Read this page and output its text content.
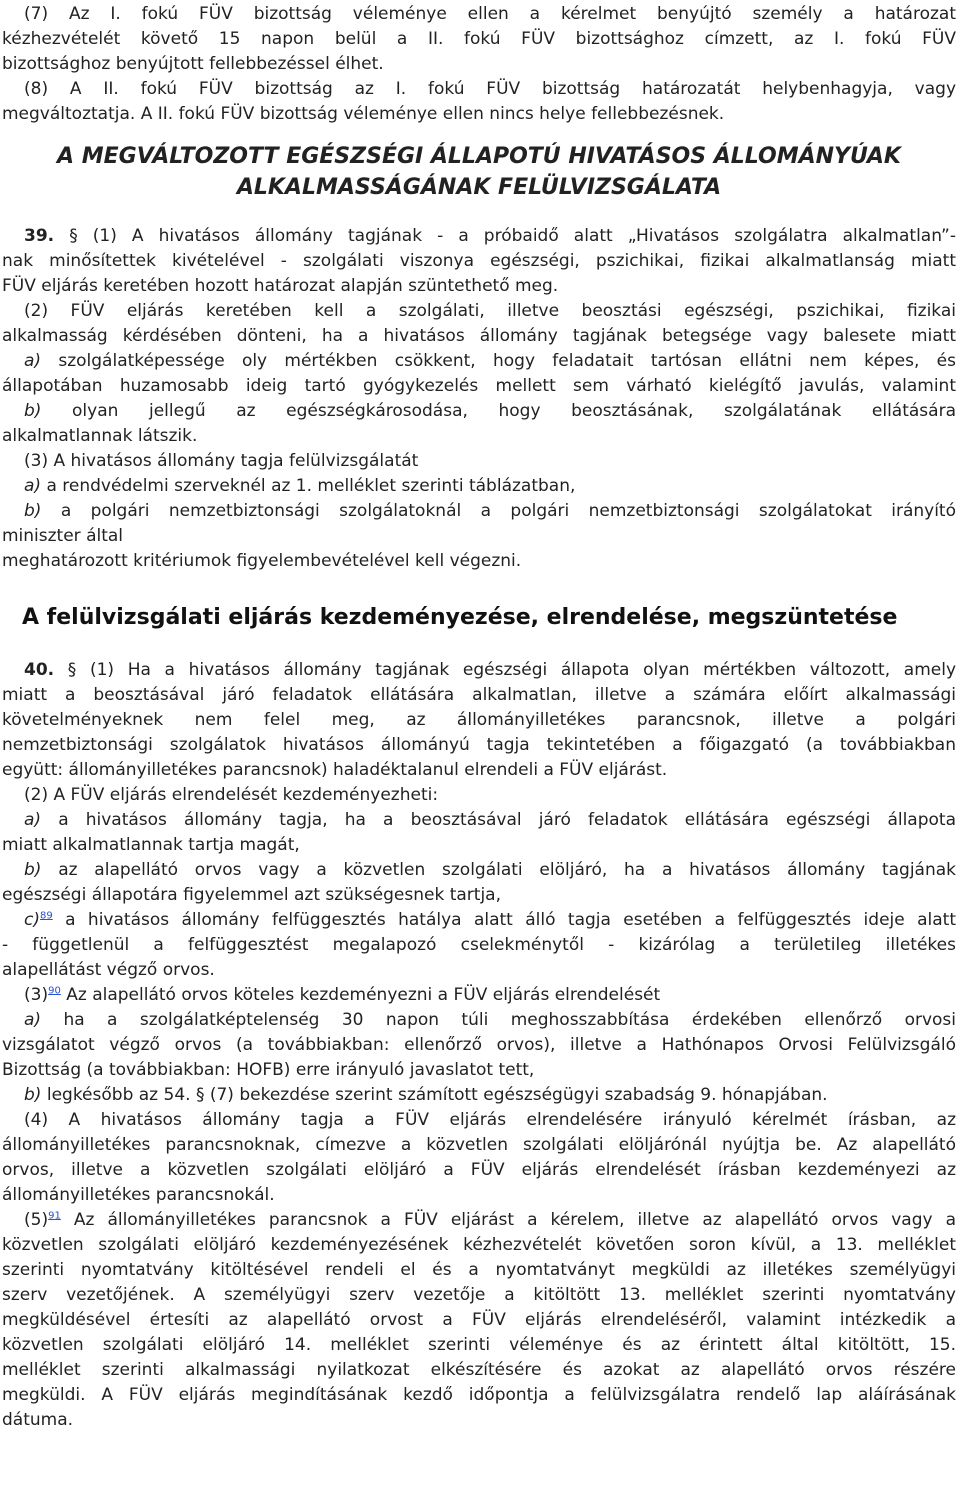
(7) Az I. fokú FÜV bizottság véleménye ellen a kérelmet benyújtó személy a határozat
kézhezvételét követő 15 napon belül a II. fokú FÜV bizottsághoz címzett, az I. fokú FÜV
bizottsághoz benyújtott fellebbezéssel élhet.
(8) A II. fokú FÜV bizottság az I. fokú FÜV bizottság határozatát helybenhagyja, vagy
megváltoztatja. A II. fokú FÜV bizottság véleménye ellen nincs helye fellebbezésnek.
A MEGVÁLTOZOTT EGÉSZSÉGI ÁLLAPOTÚ HIVATÁSOS ÁLLOMÁNYÚAK
ALKALMASSÁGÁNAK FELÜLVIZSGÁLATA
39. § (1) A hivatásos állomány tagjának - a próbaidő alatt „Hivatásos szolgálatra alkalmatlan”-
nak minősítettek kivételével - szolgálati viszonya egészségi, pszichikai, fizikai alkalmatlanság miatt
FÜV eljárás keretében hozott határozat alapján szüntethető meg.
(2) FÜV eljárás keretében kell a szolgálati, illetve beosztási egészségi, pszichikai, fizikai
alkalmasság kérdésében dönteni, ha a hivatásos állomány tagjának betegsége vagy balesete miatt
a) szolgálatképessége oly mértékben csökkent, hogy feladatait tartósan ellátni nem képes, és
állapotában huzamosabb ideig tartó gyógykezelés mellett sem várható kielégítő javulás, valamint
b) olyan jellegű az egészségkárosodása, hogy beosztásának, szolgálatának ellátására
alkalmatlannak látszik.
(3) A hivatásos állomány tagja felülvizsgálatát
a) a rendvédelmi szerveknél az 1. melléklet szerinti táblázatban,
b) a polgári nemzetbiztonsági szolgálatoknál a polgári nemzetbiztonsági szolgálatokat irányító
miniszter által
meghatározott kritériumok figyelembevételével kell végezni.
A felülvizsgálati eljárás kezdeményezése, elrendelése, megszüntetése
40. § (1) Ha a hivatásos állomány tagjának egészségi állapota olyan mértékben változott, amely
miatt a beosztásával járó feladatok ellátására alkalmatlan, illetve a számára előírt alkalmassági
követelményeknek nem felel meg, az állományilletékes parancsnok, illetve a polgári
nemzetbiztonsági szolgálatok hivatásos állományú tagja tekintetében a főigazgató (a továbbiakban
együtt: állományilletékes parancsnok) haladéktalanul elrendeli a FÜV eljárást.
(2) A FÜV eljárás elrendelését kezdeményezheti:
a) a hivatásos állomány tagja, ha a beosztásával járó feladatok ellátására egészségi állapota
miatt alkalmatlannak tartja magát,
b) az alapellátó orvos vagy a közvetlen szolgálati elöljáró, ha a hivatásos állomány tagjának
egészségi állapotára figyelemmel azt szükségesnek tartja,
c)$^{89}$ a hivatásos állomány felfüggesztés hatálya alatt álló tagja esetében a felfüggesztés ideje alatt
- függetlenül a felfüggesztést megalapozó cselekménytől - kizárólag a területileg illetékes
alapellátást végző orvos.
(3)$^{90}$ Az alapellátó orvos köteles kezdeményezni a FÜV eljárás elrendelését
a) ha a szolgálatképtelenség 30 napon túli meghosszabbítása érdekében ellenőrző orvosi
vizsgálatot végző orvos (a továbbiakban: ellenőrző orvos), illetve a Hathónapos Orvosi Felülvizsgáló
Bizottság (a továbbiakban: HOFB) erre irányuló javaslatot tett,
b) legkésőbb az 54. § (7) bekezdése szerint számított egészségügyi szabadság 9. hónapjában.
(4) A hivatásos állomány tagja a FÜV eljárás elrendelésére irányuló kérelmét írásban, az
állományilletékes parancsnoknak, címezve a közvetlen szolgálati elöljárónál nyújtja be. Az alapellátó
orvos, illetve a közvetlen szolgálati elöljáró a FÜV eljárás elrendelését írásban kezdeményezi az
állományilletékes parancsnokál.
(5)$^{91}$ Az állományilletékes parancsnok a FÜV eljárást a kérelem, illetve az alapellátó orvos vagy a
közvetlen szolgálati elöljáró kezdeményezésének kézhezvételét követően soron kívül, a 13. melléklet
szerinti nyomtatvány kitöltésével rendeli el és a nyomtatványt megküldi az illetékes személyügyi
szerv vezetőjének. A személyügyi szerv vezetője a kitöltött 13. melléklet szerinti nyomtatvány
megküldésével értesíti az alapellátó orvost a FÜV eljárás elrendeléséről, valamint intézkedik a
közvetlen szolgálati elöljáró 14. melléklet szerinti véleménye és az érintett által kitöltött, 15.
melléklet szerinti alkalmassági nyilatkozat elkészítésére és azokat az alapellátó orvos részére
megküldi. A FÜV eljárás megindításának kezdő időpontja a felülvizsgálatra rendelő lap aláírásának
dátuma.
